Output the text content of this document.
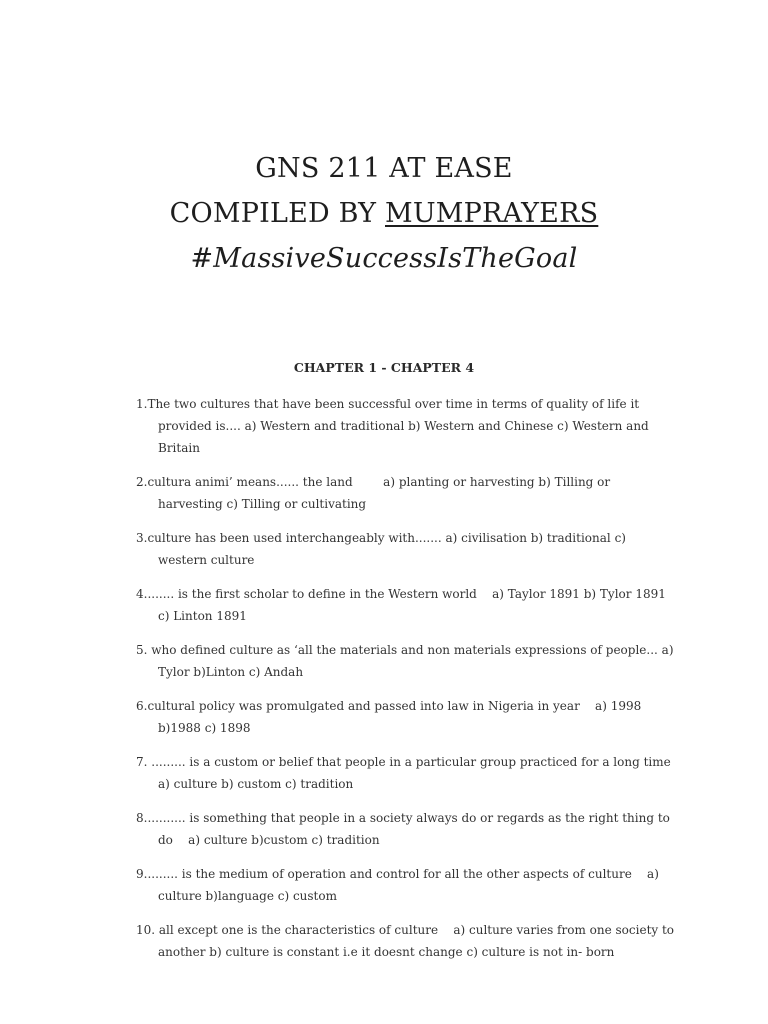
GNS 211 AT EASE
COMPILED BY MUMPRAYERS
#MassiveSuccessIsTheGoal
CHAPTER 1 - CHAPTER 4
1.The two cultures that have been successful over time in terms of quality of life it provided is.... a) Western and traditional b) Western and Chinese c) Western and Britain
2.cultura animi’ means...... the land        a) planting or harvesting b) Tilling or harvesting c) Tilling or cultivating
3.culture has been used interchangeably with....... a) civilisation b) traditional c) western culture
4........ is the first scholar to define in the Western world    a) Taylor 1891 b) Tylor 1891 c) Linton 1891
5. who defined culture as ‘all the materials and non materials expressions of people... a) Tylor b)Linton c) Andah
6.cultural policy was promulgated and passed into law in Nigeria in year    a) 1998 b)1988 c) 1898
7. ......... is a custom or belief that people in a particular group practiced for a long time      a) culture b) custom c) tradition
8........... is something that people in a society always do or regards as the right thing to do    a) culture b)custom c) tradition
9......... is the medium of operation and control for all the other aspects of culture    a) culture b)language c) custom
10. all except one is the characteristics of culture    a) culture varies from one society to another b) culture is constant i.e it doesnt change c) culture is not in- born
